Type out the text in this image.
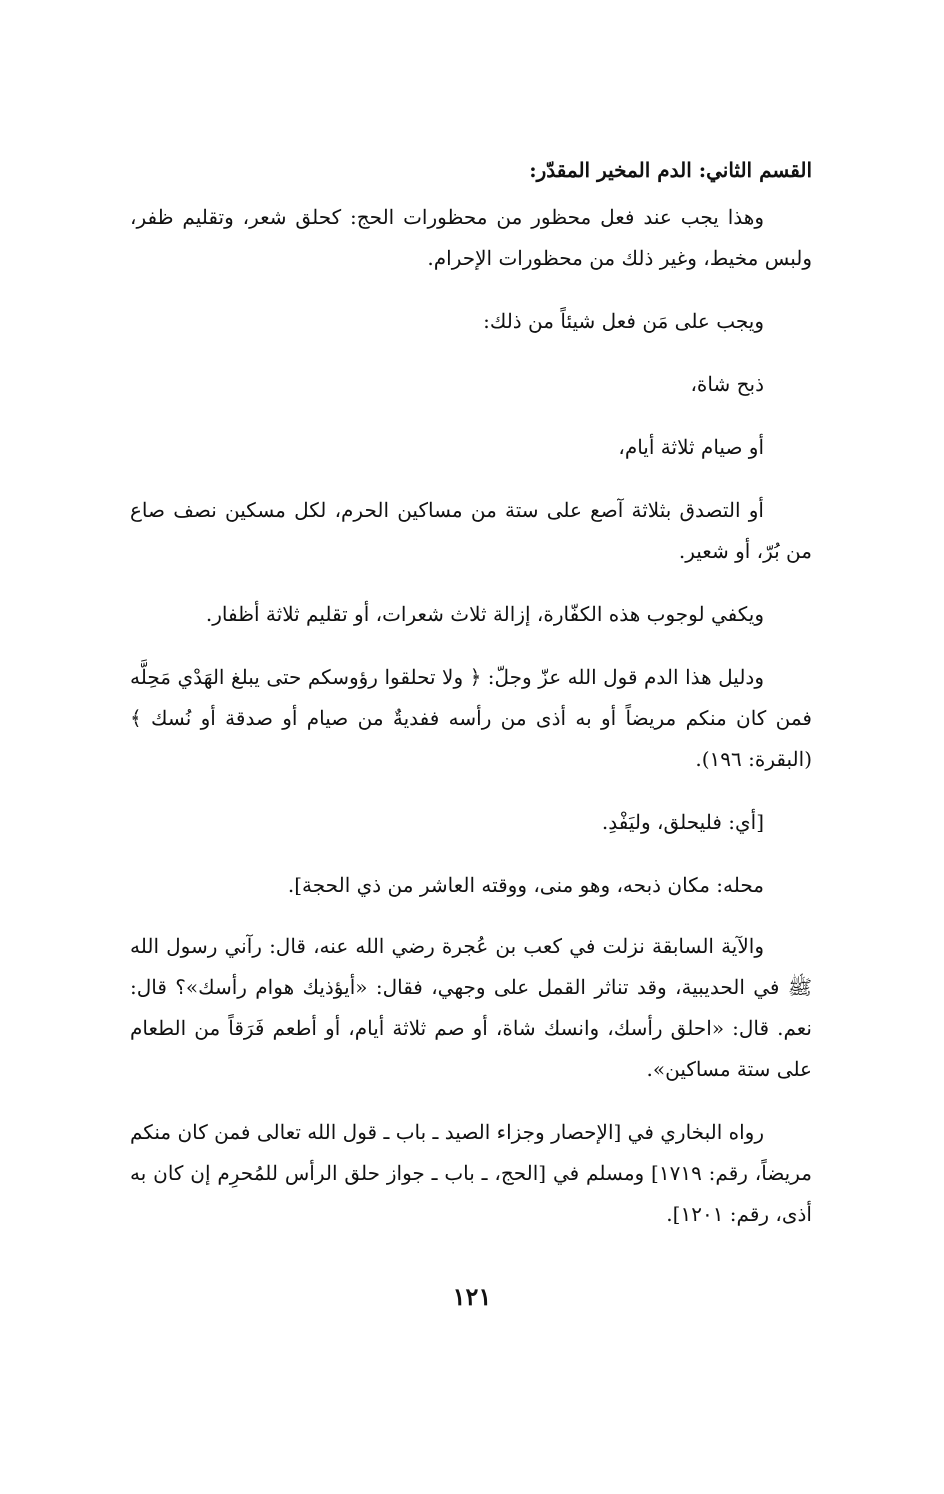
القسم الثاني: الدم المخير المقدّر:

وهذا يجب عند فعل محظور من محظورات الحج: كحلق شعر، وتقليم ظفر، ولبس مخيط، وغير ذلك من محظورات الإحرام.

ويجب على مَن فعل شيئاً من ذلك:

ذبح شاة،

أو صيام ثلاثة أيام،

أو التصدق بثلاثة آصع على ستة من مساكين الحرم، لكل مسكين نصف صاع من بُرّ، أو شعير.

ويكفي لوجوب هذه الكفّارة، إزالة ثلاث شعرات، أو تقليم ثلاثة أظفار.

ودليل هذا الدم قول الله عزّ وجلّ: ﴿ ولا تحلقوا رؤوسكم حتى يبلغ الهَدْي مَحِلَّه فمن كان منكم مريضاً أو به أذى من رأسه ففديةٌ من صيام أو صدقة أو نُسك ﴾ (البقرة: ١٩٦).

[أي: فليحلق، وليَفْدِ.

محله: مكان ذبحه، وهو منى، ووقته العاشر من ذي الحجة].

والآية السابقة نزلت في كعب بن عُجرة رضي الله عنه، قال: رآني رسول الله ﷺ في الحديبية، وقد تناثر القمل على وجهي، فقال: «أيؤذيك هوام رأسك»؟ قال: نعم. قال: «احلق رأسك، وانسك شاة، أو صم ثلاثة أيام، أو أطعم فَرَقاً من الطعام على ستة مساكين».

رواه البخاري في [الإحصار وجزاء الصيد ـ باب ـ قول الله تعالى فمن كان منكم مريضاً، رقم: ١٧١٩] ومسلم في [الحج، ـ باب ـ جواز حلق الرأس للمُحرِم إن كان به أذى، رقم: ١٢٠١].

١٢١
